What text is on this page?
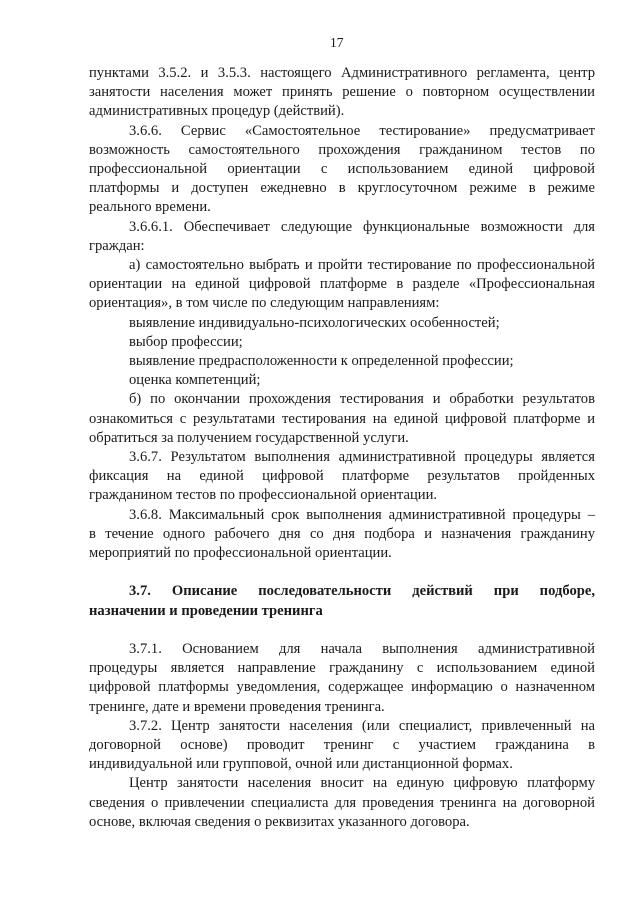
17
пунктами 3.5.2. и 3.5.3. настоящего Административного регламента, центр
занятости населения может принять решение о повторном осуществлении
административных процедур (действий).
3.6.6. Сервис «Самостоятельное тестирование» предусматривает
возможность самостоятельного прохождения гражданином тестов по
профессиональной ориентации с использованием единой цифровой
платформы и доступен ежедневно в круглосуточном режиме в режиме
реального времени.
3.6.6.1. Обеспечивает следующие функциональные возможности для
граждан:
а) самостоятельно выбрать и пройти тестирование по профессиональной
ориентации на единой цифровой платформе в разделе «Профессиональная
ориентация», в том числе по следующим направлениям:
выявление индивидуально-психологических особенностей;
выбор профессии;
выявление предрасположенности к определенной профессии;
оценка компетенций;
б) по окончании прохождения тестирования и обработки результатов
ознакомиться с результатами тестирования на единой цифровой платформе и
обратиться за получением государственной услуги.
3.6.7. Результатом выполнения административной процедуры является
фиксация на единой цифровой платформе результатов пройденных
гражданином тестов по профессиональной ориентации.
3.6.8. Максимальный срок выполнения административной процедуры –
в течение одного рабочего дня со дня подбора и назначения гражданину
мероприятий по профессиональной ориентации.
3.7. Описание последовательности действий при подборе,
назначении и проведении тренинга
3.7.1. Основанием для начала выполнения административной
процедуры является направление гражданину с использованием единой
цифровой платформы уведомления, содержащее информацию о назначенном
тренинге, дате и времени проведения тренинга.
3.7.2. Центр занятости населения (или специалист, привлеченный на
договорной основе) проводит тренинг с участием гражданина в
индивидуальной или групповой, очной или дистанционной формах.
Центр занятости населения вносит на единую цифровую платформу
сведения о привлечении специалиста для проведения тренинга на договорной
основе, включая сведения о реквизитах указанного договора.
